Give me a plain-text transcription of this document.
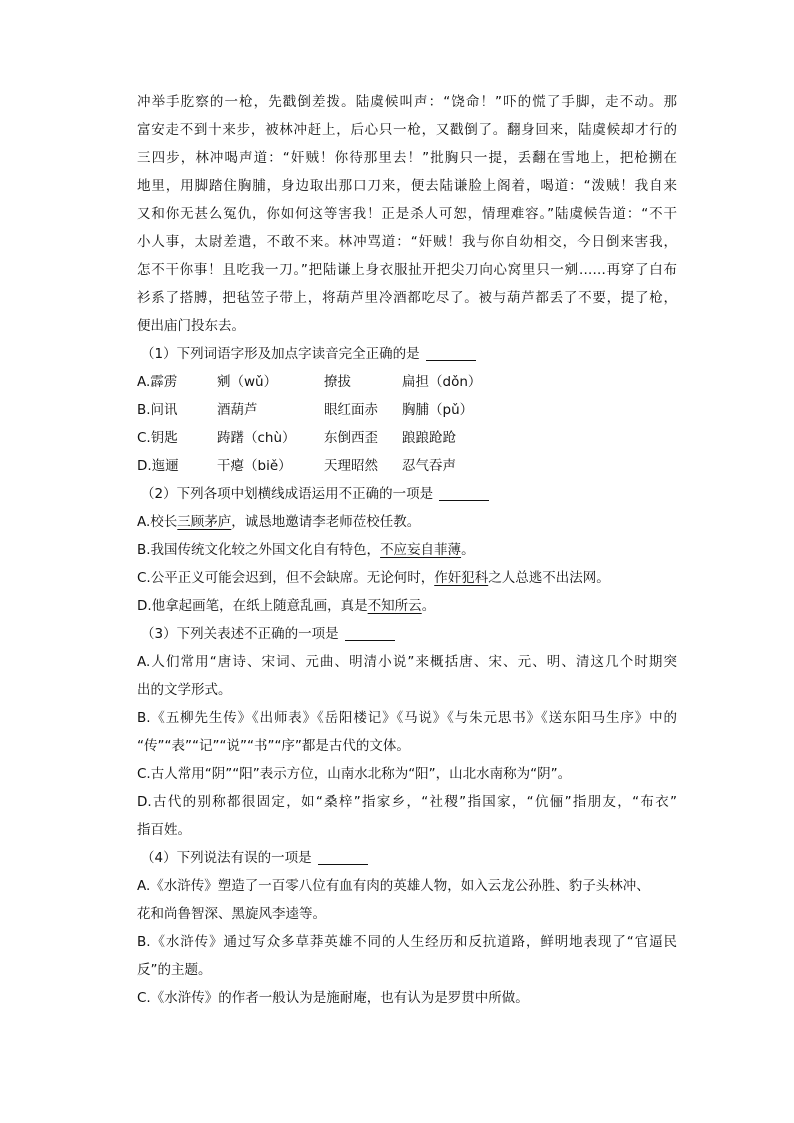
冲举手肐察的一枪，先戳倒差拨。陆虞候叫声：“饶命！”吓的慌了手脚，走不动。那
富安走不到十来步，被林冲赶上，后心只一枪，又戳倒了。翻身回来，陆虞候却才行的
三四步，林冲喝声道：“奸贼！你待那里去！”批胸只一提，丢翻在雪地上，把枪搠在
地里，用脚踏住胸脯，身边取出那口刀来，便去陆谦脸上阁着，喝道：“泼贼！我自来
又和你无甚么冤仇，你如何这等害我！正是杀人可恕，情理难容。”陆虞候告道：“不干
小人事，太尉差遣，不敢不来。林冲骂道：“奸贼！我与你自幼相交，今日倒来害我，
怎不干你事！且吃我一刀。”把陆谦上身衣服扯开把尖刀向心窝里只一剜……再穿了白布
衫系了搭膊，把毡笠子带上，将葫芦里冷酒都吃尽了。被与葫芦都丢了不要，提了枪，
便出庙门投东去。
（1）下列词语字形及加点字读音完全正确的是
A.霹雳	剜（wǔ）	撩拔	扁担（dǒn）
B.问讯	酒葫芦	眼红面赤	胸脯（pǔ）
C.钥匙	踌躇（chù）	东倒西歪	踉踉跄跄
D.迤逦	干瘪（biě）	天理昭然	忍气吞声
（2）下列各项中划横线成语运用不正确的一项是
A.校长三顾茅庐，诚恳地邀请李老师莅校任教。
B.我国传统文化较之外国文化自有特色，不应妄自菲薄。
C.公平正义可能会迟到，但不会缺席。无论何时，作奸犯科之人总逃不出法网。
D.他拿起画笔，在纸上随意乱画，真是不知所云。
（3）下列关表述不正确的一项是
A.人们常用“唐诗、宋词、元曲、明清小说”来概括唐、宋、元、明、清这几个时期突
出的文学形式。
B.《五柳先生传》《出师表》《岳阳楼记》《马说》《与朱元思书》《送东阳马生序》中的
“传”“表”“记”“说”“书”“序”都是古代的文体。
C.古人常用“阴”“阳”表示方位，山南水北称为“阳”，山北水南称为“阴”。
D.古代的别称都很固定，如“桑梓”指家乡，“社稷”指国家，“伉俪”指朋友，“布衣”
指百姓。
（4）下列说法有误的一项是
A.《水浒传》塑造了一百零八位有血有肉的英雄人物，如入云龙公孙胜、豹子头林冲、
花和尚鲁智深、黑旋风李逵等。
B.《水浒传》通过写众多草莽英雄不同的人生经历和反抗道路，鲜明地表现了“官逼民
反”的主题。
C.《水浒传》的作者一般认为是施耐庵，也有认为是罗贯中所做。
